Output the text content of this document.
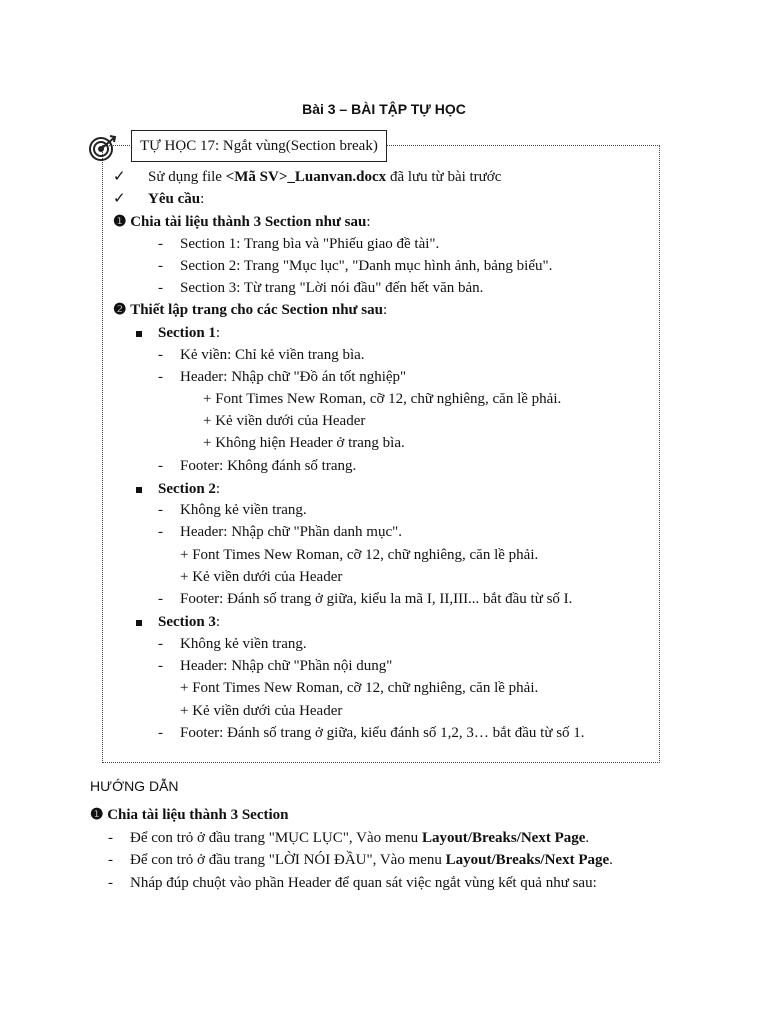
Bài 3 – BÀI TẬP TỰ HỌC
TỰ HỌC 17: Ngắt vùng(Section break)
✓ Sử dụng file <Mã SV>_Luanvan.docx đã lưu từ bài trước
✓ Yêu cầu:
❶ Chia tài liệu thành 3 Section như sau:
- Section 1: Trang bìa và "Phiếu giao đề tài".
- Section 2: Trang "Mục lục", "Danh mục hình ảnh, bảng biểu".
- Section 3: Từ trang "Lời nói đầu" đến hết văn bản.
❷ Thiết lập trang cho các Section như sau:
Section 1:
- Kẻ viền: Chỉ kẻ viền trang bìa.
- Header: Nhập chữ "Đồ án tốt nghiệp"
+ Font Times New Roman, cỡ 12, chữ nghiêng, căn lề phải.
+ Kẻ viền dưới của Header
+ Không hiện Header ở trang bìa.
- Footer: Không đánh số trang.
Section 2:
- Không kẻ viền trang.
- Header: Nhập chữ "Phần danh mục".
+ Font Times New Roman, cỡ 12, chữ nghiêng, căn lề phải.
+ Kẻ viền dưới của Header
- Footer: Đánh số trang ở giữa, kiểu la mã I, II,III... bắt đầu từ số I.
Section 3:
- Không kẻ viền trang.
- Header: Nhập chữ "Phần nội dung"
+ Font Times New Roman, cỡ 12, chữ nghiêng, căn lề phải.
+ Kẻ viền dưới của Header
- Footer: Đánh số trang ở giữa, kiểu đánh số 1,2, 3… bắt đầu từ số 1.
HƯỚNG DẪN
❶ Chia tài liệu thành 3 Section
- Để con trỏ ở đầu trang "MỤC LỤC", Vào menu Layout/Breaks/Next Page.
- Để con trỏ ở đầu trang "LỜI NÓI ĐẦU", Vào menu Layout/Breaks/Next Page.
- Nháp đúp chuột vào phần Header để quan sát việc ngắt vùng kết quả như sau:
